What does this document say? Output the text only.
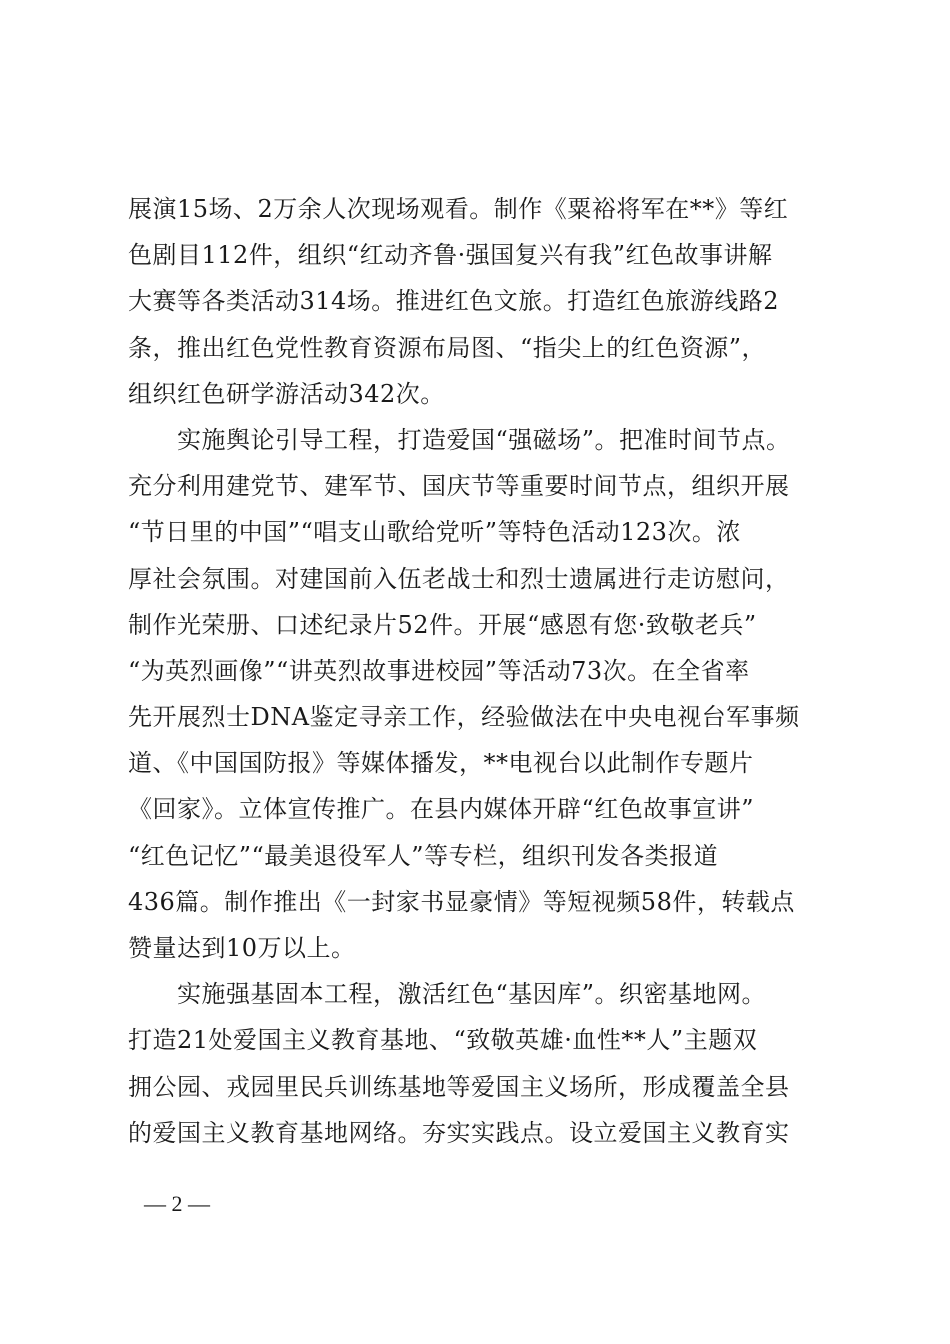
展演15场、2万余人次现场观看。制作《粟裕将军在**》等红
色剧目112件，组织“红动齐鲁·强国复兴有我”红色故事讲解
大赛等各类活动314场。推进红色文旅。打造红色旅游线路2
条，推出红色党性教育资源布局图、“指尖上的红色资源”，
组织红色研学游活动342次。
　　实施舆论引导工程，打造爱国“强磁场”。把准时间节点。
充分利用建党节、建军节、国庆节等重要时间节点，组织开展
“节日里的中国”“唱支山歌给党听”等特色活动123次。浓
厚社会氛围。对建国前入伍老战士和烈士遗属进行走访慰问，
制作光荣册、口述纪录片52件。开展“感恩有您·致敬老兵”
“为英烈画像”“讲英烈故事进校园”等活动73次。在全省率
先开展烈士DNA鉴定寻亲工作，经验做法在中央电视台军事频
道、《中国国防报》等媒体播发，**电视台以此制作专题片
《回家》。立体宣传推广。在县内媒体开辟“红色故事宣讲”
“红色记忆”“最美退役军人”等专栏，组织刊发各类报道
436篇。制作推出《一封家书显豪情》等短视频58件，转载点
赞量达到10万以上。
　　实施强基固本工程，激活红色“基因库”。织密基地网。
打造21处爱国主义教育基地、“致敬英雄·血性**人”主题双
拥公园、戎园里民兵训练基地等爱国主义场所，形成覆盖全县
的爱国主义教育基地网络。夯实实践点。设立爱国主义教育实
— 2 —
